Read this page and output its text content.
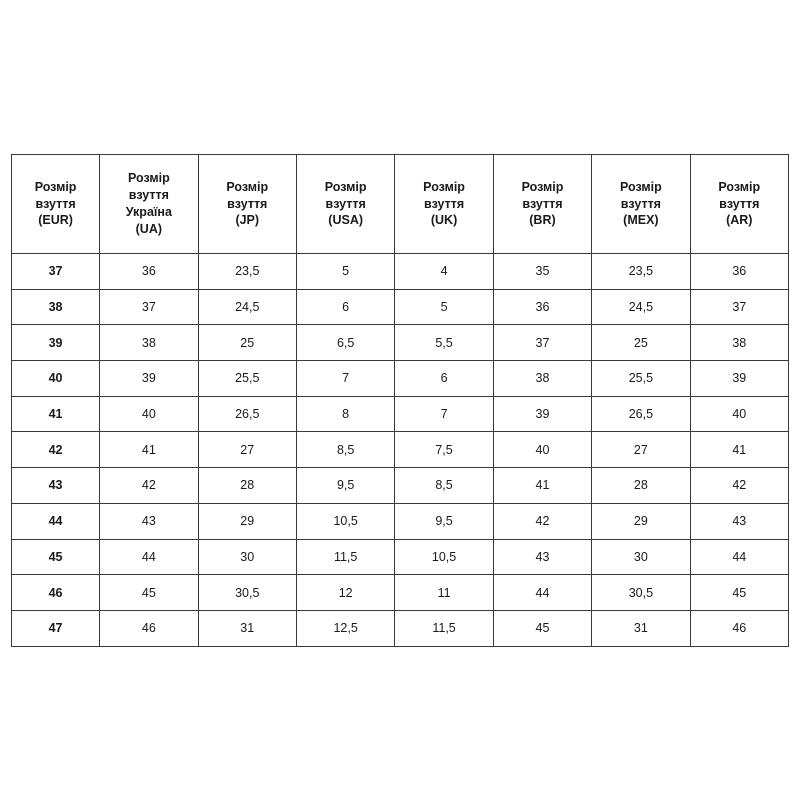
Розмір
взуття
(EUR)	Розмір
взуття
Україна
(UA)	Розмір
взуття
(JP)	Розмір
взуття
(USA)	Розмір
взуття
(UK)	Розмір
взуття
(BR)	Розмір
взуття
(MEX)	Розмір
взуття
(AR)

37	36	23,5	5	4	35	23,5	36
38	37	24,5	6	5	36	24,5	37
39	38	25	6,5	5,5	37	25	38
40	39	25,5	7	6	38	25,5	39
41	40	26,5	8	7	39	26,5	40
42	41	27	8,5	7,5	40	27	41
43	42	28	9,5	8,5	41	28	42
44	43	29	10,5	9,5	42	29	43
45	44	30	11,5	10,5	43	30	44
46	45	30,5	12	11	44	30,5	45
47	46	31	12,5	11,5	45	31	46
